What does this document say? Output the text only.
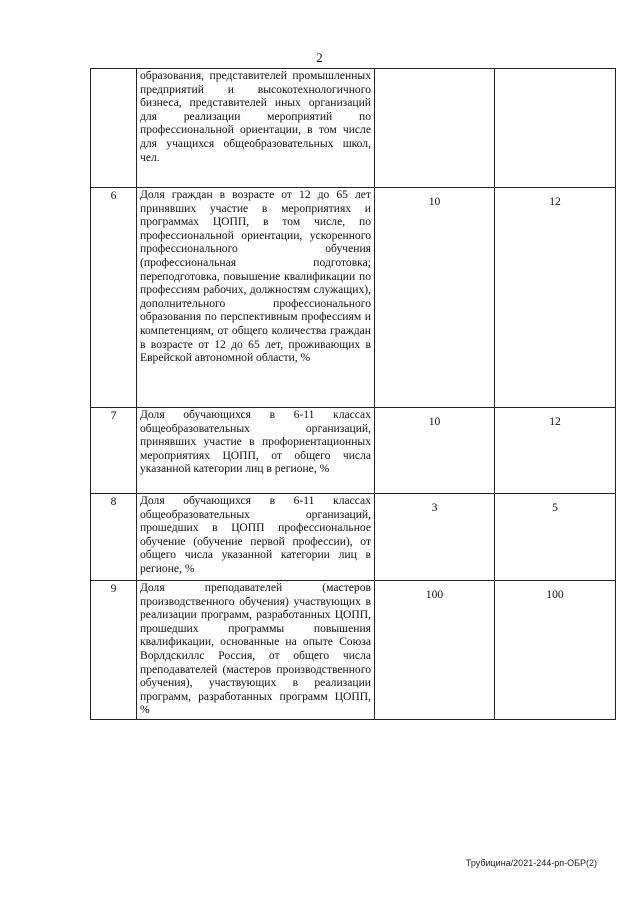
2
	образования, представителей промышленных предприятий и высокотехнологичного бизнеса, представителей иных организаций для реализации мероприятий по профессиональной ориентации, в том числе для учащихся общеобразовательных школ, чел.		
6	Доля граждан в возрасте от 12 до 65 лет принявших участие в мероприятиях и программах ЦОПП, в том числе, по профессиональной ориентации, ускоренного профессионального обучения (профессиональная подготовка; переподготовка, повышение квалификации по профессиям рабочих, должностям служащих), дополнительного профессионального образования по перспективным профессиям и компетенциям, от общего количества граждан в возрасте от 12 до 65 лет, проживающих в Еврейской автономной области, %	10	12
7	Доля обучающихся в 6-11 классах общеобразовательных организаций, принявших участие в профориентационных мероприятиях ЦОПП, от общего числа указанной категории лиц в регионе, %	10	12
8	Доля обучающихся в 6-11 классах общеобразовательных организаций, прошедших в ЦОПП профессиональное обучение (обучение первой профессии), от общего числа указанной категории лиц в регионе, %	3	5
9	Доля преподавателей (мастеров производственного обучения) участвующих в реализации программ, разработанных ЦОПП, прошедших программы повышения квалификации, основанные на опыте Союза Ворлдскиллс Россия, от общего числа преподавателей (мастеров производственного обучения), участвующих в реализации программ, разработанных программ ЦОПП, %	100	100
Трубицина/2021-244-рп-ОБР(2)
